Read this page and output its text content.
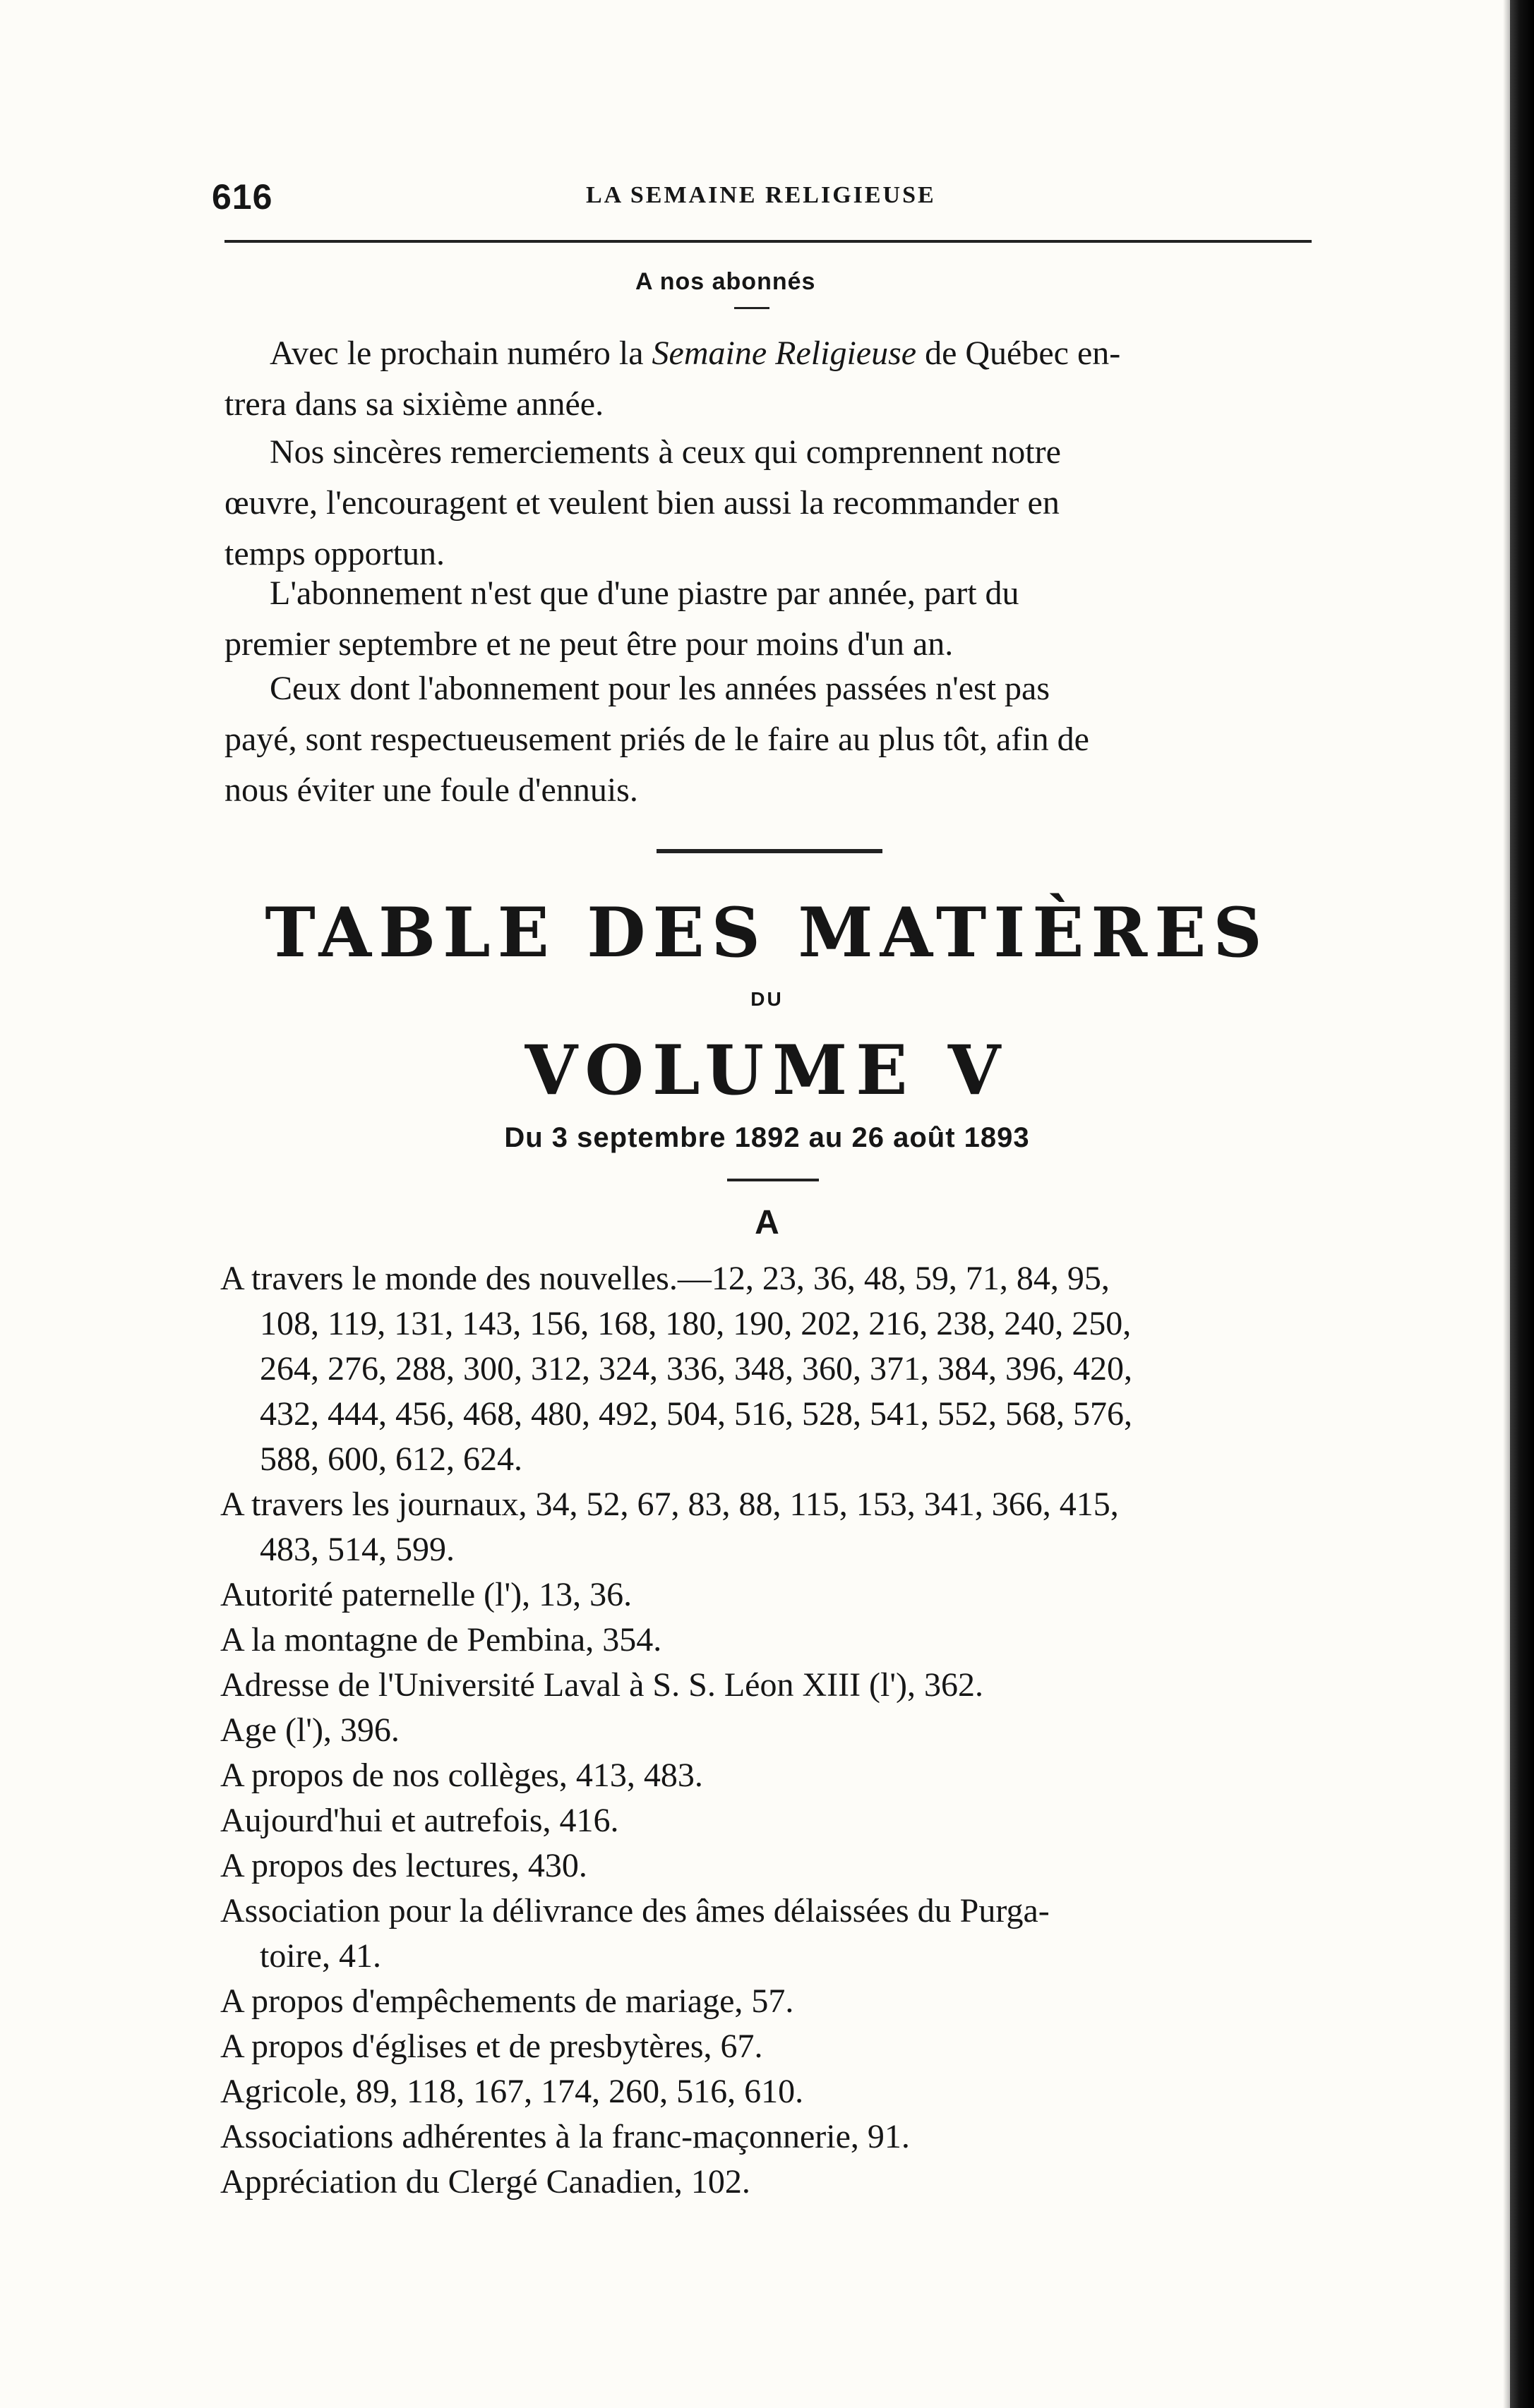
616	LA SEMAINE RELIGIEUSE
A nos abonnés
Avec le prochain numéro la Semaine Religieuse de Québec en-
trera dans sa sixième année.
Nos sincères remerciements à ceux qui comprennent notre
œuvre, l'encouragent et veulent bien aussi la recommander en
temps opportun.
L'abonnement n'est que d'une piastre par année, part du
premier septembre et ne peut être pour moins d'un an.
Ceux dont l'abonnement pour les années passées n'est pas
payé, sont respectueusement priés de le faire au plus tôt, afin de
nous éviter une foule d'ennuis.
TABLE DES MATIÈRES
DU
VOLUME V
Du 3 septembre 1892 au 26 août 1893
A
A travers le monde des nouvelles.—12, 23, 36, 48, 59, 71, 84, 95,
108, 119, 131, 143, 156, 168, 180, 190, 202, 216, 238, 240, 250,
264, 276, 288, 300, 312, 324, 336, 348, 360, 371, 384, 396, 420,
432, 444, 456, 468, 480, 492, 504, 516, 528, 541, 552, 568, 576,
588, 600, 612, 624.
A travers les journaux, 34, 52, 67, 83, 88, 115, 153, 341, 366, 415,
483, 514, 599.
Autorité paternelle (l'), 13, 36.
A la montagne de Pembina, 354.
Adresse de l'Université Laval à S. S. Léon XIII (l'), 362.
Age (l'), 396.
A propos de nos collèges, 413, 483.
Aujourd'hui et autrefois, 416.
A propos des lectures, 430.
Association pour la délivrance des âmes délaissées du Purga-
toire, 41.
A propos d'empêchements de mariage, 57.
A propos d'églises et de presbytères, 67.
Agricole, 89, 118, 167, 174, 260, 516, 610.
Associations adhérentes à la franc-maçonnerie, 91.
Appréciation du Clergé Canadien, 102.
